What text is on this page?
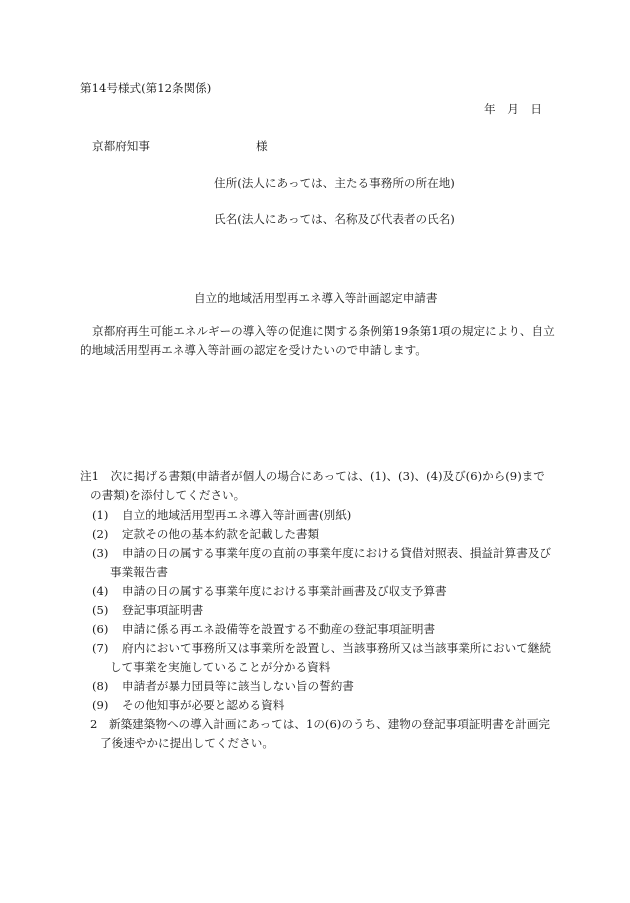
第14号様式(第12条関係)
年　月　日
京都府知事	様
住所(法人にあっては、主たる事務所の所在地)
氏名(法人にあっては、名称及び代表者の氏名)
自立的地域活用型再エネ導入等計画認定申請書
京都府再生可能エネルギーの導入等の促進に関する条例第19条第1項の規定により、自立
的地域活用型再エネ導入等計画の認定を受けたいので申請します。
注1　次に掲げる書類(申請者が個人の場合にあっては、(1)、(3)、(4)及び(6)から(9)まで
の書類)を添付してください。
(1) 自立的地域活用型再エネ導入等計画書(別紙)
(2) 定款その他の基本約款を記載した書類
(3) 申請の日の属する事業年度の直前の事業年度における貸借対照表、損益計算書及び
事業報告書
(4) 申請の日の属する事業年度における事業計画書及び収支予算書
(5) 登記事項証明書
(6) 申請に係る再エネ設備等を設置する不動産の登記事項証明書
(7) 府内において事務所又は事業所を設置し、当該事務所又は当該事業所において継続
して事業を実施していることが分かる資料
(8) 申請者が暴力団員等に該当しない旨の誓約書
(9) その他知事が必要と認める資料
2　新築建築物への導入計画にあっては、1の(6)のうち、建物の登記事項証明書を計画完
了後速やかに提出してください。
